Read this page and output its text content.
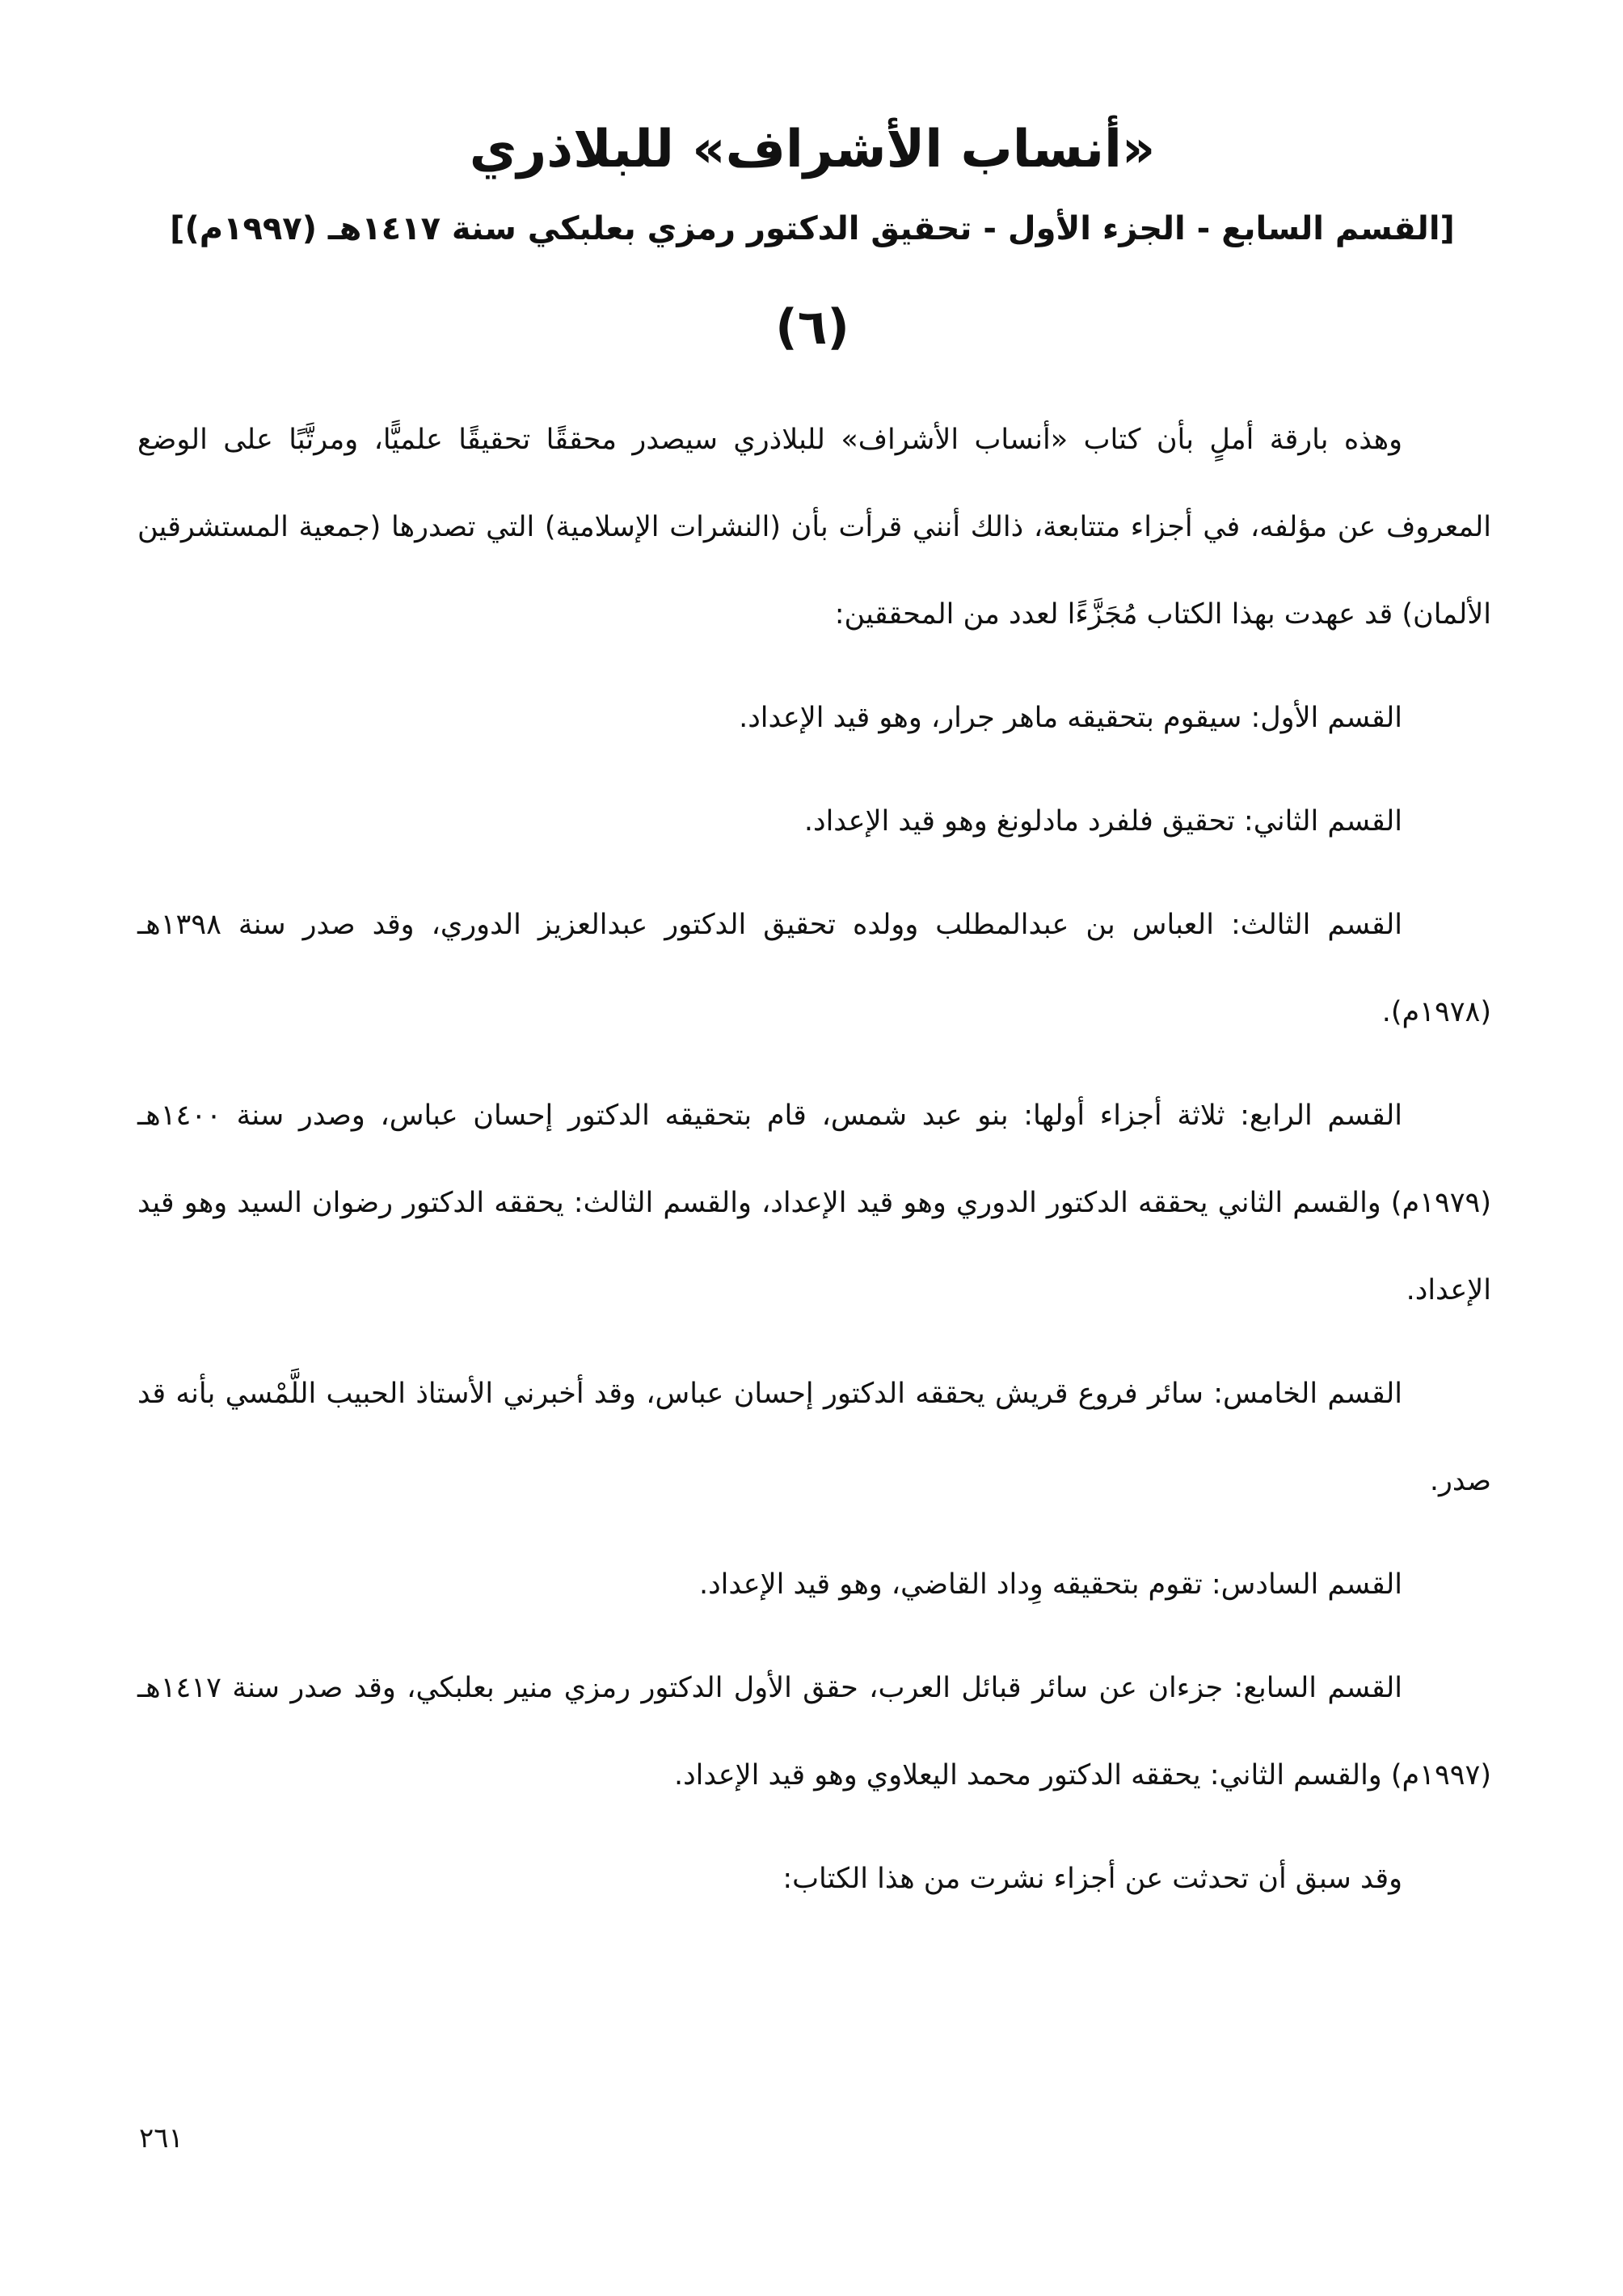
«أنساب الأشراف» للبلاذري
[القسم السابع - الجزء الأول - تحقيق الدكتور رمزي بعلبكي سنة ١٤١٧هـ (١٩٩٧م)]
(٦)

وهذه بارقة أملٍ بأن كتاب «أنساب الأشراف» للبلاذري سيصدر محققًا تحقيقًا علميًّا، ومرتَّبًا على الوضع المعروف عن مؤلفه، في أجزاء متتابعة، ذالك أنني قرأت بأن (النشرات الإسلامية) التي تصدرها (جمعية المستشرقين الألمان) قد عهدت بهذا الكتاب مُجَزَّءًا لعدد من المحققين:

القسم الأول: سيقوم بتحقيقه ماهر جرار، وهو قيد الإعداد.

القسم الثاني: تحقيق فلفرد مادلونغ وهو قيد الإعداد.

القسم الثالث: العباس بن عبدالمطلب وولده تحقيق الدكتور عبدالعزيز الدوري، وقد صدر سنة ١٣٩٨هـ (١٩٧٨م).

القسم الرابع: ثلاثة أجزاء أولها: بنو عبد شمس، قام بتحقيقه الدكتور إحسان عباس، وصدر سنة ١٤٠٠هـ (١٩٧٩م) والقسم الثاني يحققه الدكتور الدوري وهو قيد الإعداد، والقسم الثالث: يحققه الدكتور رضوان السيد وهو قيد الإعداد.

القسم الخامس: سائر فروع قريش يحققه الدكتور إحسان عباس، وقد أخبرني الأستاذ الحبيب اللَّمْسي بأنه قد صدر.

القسم السادس: تقوم بتحقيقه وِداد القاضي، وهو قيد الإعداد.

القسم السابع: جزءان عن سائر قبائل العرب، حقق الأول الدكتور رمزي منير بعلبكي، وقد صدر سنة ١٤١٧هـ (١٩٩٧م) والقسم الثاني: يحققه الدكتور محمد اليعلاوي وهو قيد الإعداد.

وقد سبق أن تحدثت عن أجزاء نشرت من هذا الكتاب:

٢٦١
